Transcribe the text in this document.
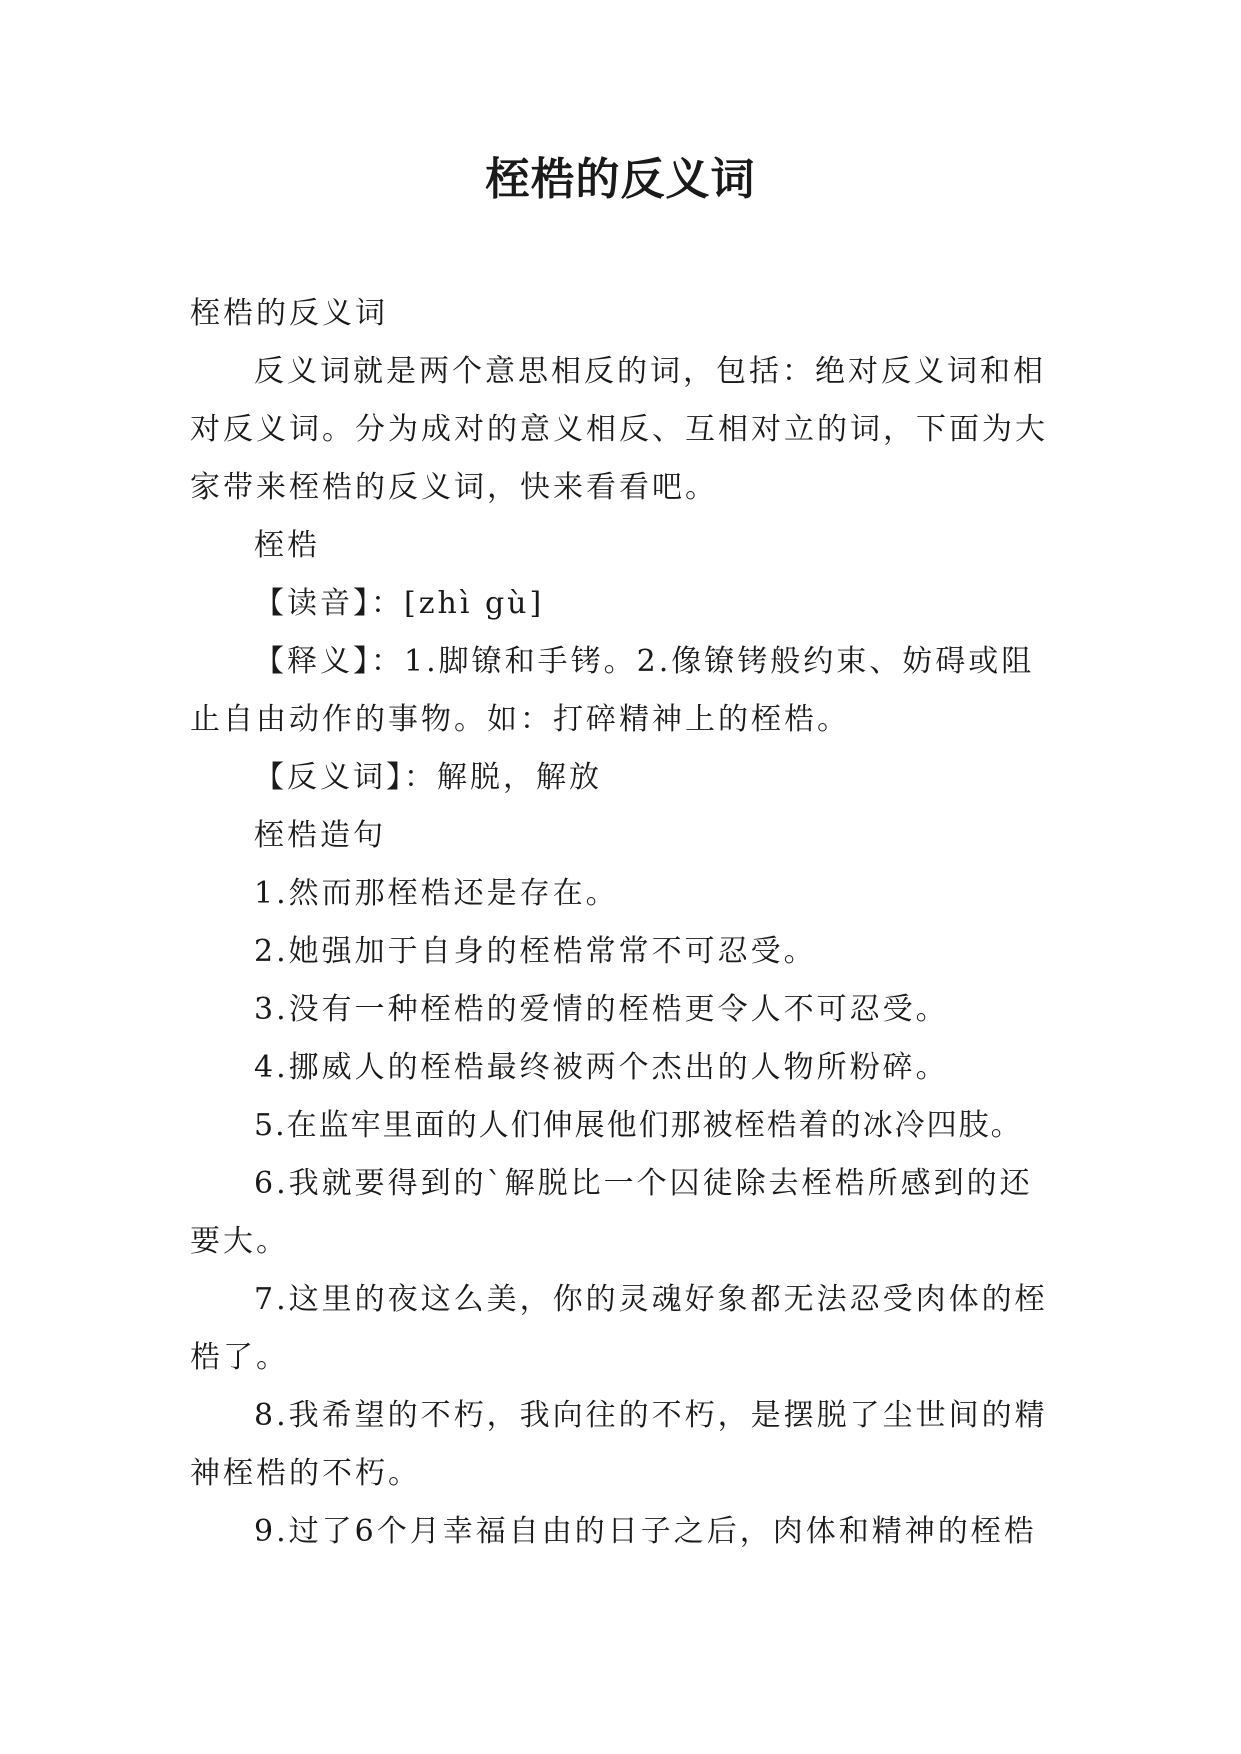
桎梏的反义词

桎梏的反义词

反义词就是两个意思相反的词，包括：绝对反义词和相对反义词。分为成对的意义相反、互相对立的词，下面为大家带来桎梏的反义词，快来看看吧。

桎梏

【读音】：[zhì gù]

【释义】：1.脚镣和手铐。2.像镣铐般约束、妨碍或阻止自由动作的事物。如：打碎精神上的桎梏。

【反义词】：解脱，解放

桎梏造句

1.然而那桎梏还是存在。

2.她强加于自身的桎梏常常不可忍受。

3.没有一种桎梏的爱情的桎梏更令人不可忍受。

4.挪威人的桎梏最终被两个杰出的人物所粉碎。

5.在监牢里面的人们伸展他们那被桎梏着的冰冷四肢。

6.我就要得到的`解脱比一个囚徒除去桎梏所感到的还要大。

7.这里的夜这么美，你的灵魂好象都无法忍受肉体的桎梏了。

8.我希望的不朽，我向往的不朽，是摆脱了尘世间的精神桎梏的不朽。

9.过了6个月幸福自由的日子之后，肉体和精神的桎梏
